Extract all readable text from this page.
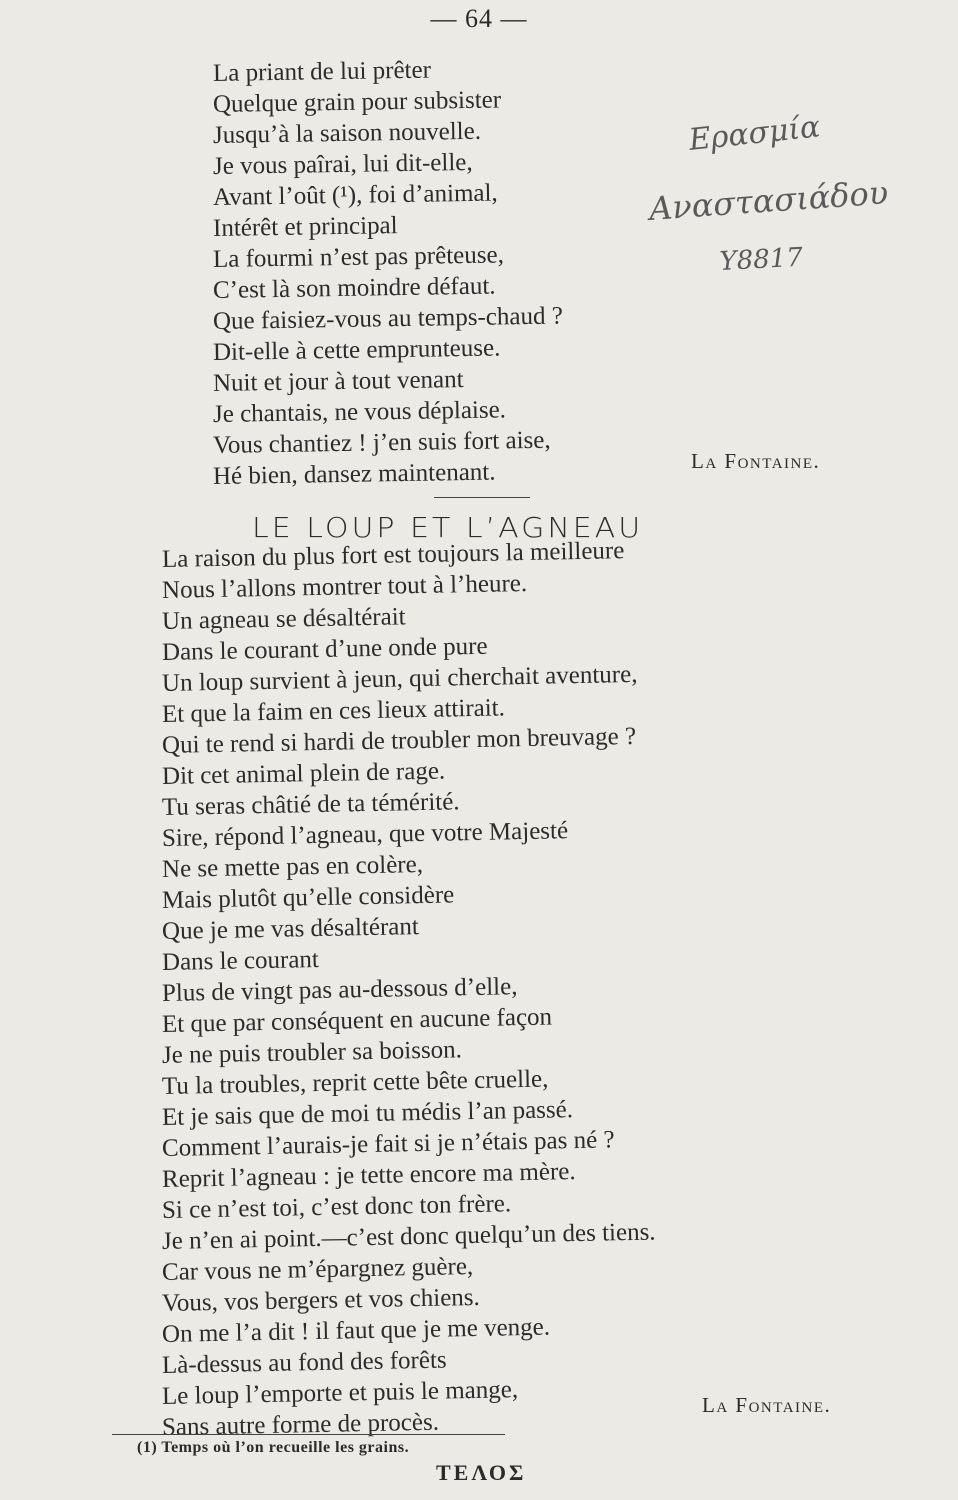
— 64 —
La priant de lui prêter
Quelque grain pour subsister
Jusqu’à la saison nouvelle.
Je vous paîrai, lui dit-elle,
Avant l’oût (¹), foi d’animal,
Intérêt et principal
La fourmi n’est pas prêteuse,
C’est là son moindre défaut.
Que faisiez-vous au temps-chaud ?
Dit-elle à cette emprunteuse.
Nuit et jour à tout venant
Je chantais, ne vous déplaise.
Vous chantiez ! j’en suis fort aise,
Hé bien, dansez maintenant.	La Fontaine.
Ερασμία
Αναστασιάδου
Υ8817
LE LOUP ET L’AGNEAU
La raison du plus fort est toujours la meilleure
Nous l’allons montrer tout à l’heure.
Un agneau se désaltérait
Dans le courant d’une onde pure
Un loup survient à jeun, qui cherchait aventure,
Et que la faim en ces lieux attirait.
Qui te rend si hardi de troubler mon breuvage ?
Dit cet animal plein de rage.
Tu seras châtié de ta témérité.
Sire, répond l’agneau, que votre Majesté
Ne se mette pas en colère,
Mais plutôt qu’elle considère
Que je me vas désaltérant
Dans le courant
Plus de vingt pas au-dessous d’elle,
Et que par conséquent en aucune façon
Je ne puis troubler sa boisson.
Tu la troubles, reprit cette bête cruelle,
Et je sais que de moi tu médis l’an passé.
Comment l’aurais-je fait si je n’étais pas né ?
Reprit l’agneau : je tette encore ma mère.
Si ce n’est toi, c’est donc ton frère.
Je n’en ai point.—c’est donc quelqu’un des tiens.
Car vous ne m’épargnez guère,
Vous, vos bergers et vos chiens.
On me l’a dit ! il faut que je me venge.
Là-dessus au fond des forêts
Le loup l’emporte et puis le mange,
Sans autre forme de procès.
La Fontaine.
(1) Temps où l’on recueille les grains.
ΤΕΛΟΣ
